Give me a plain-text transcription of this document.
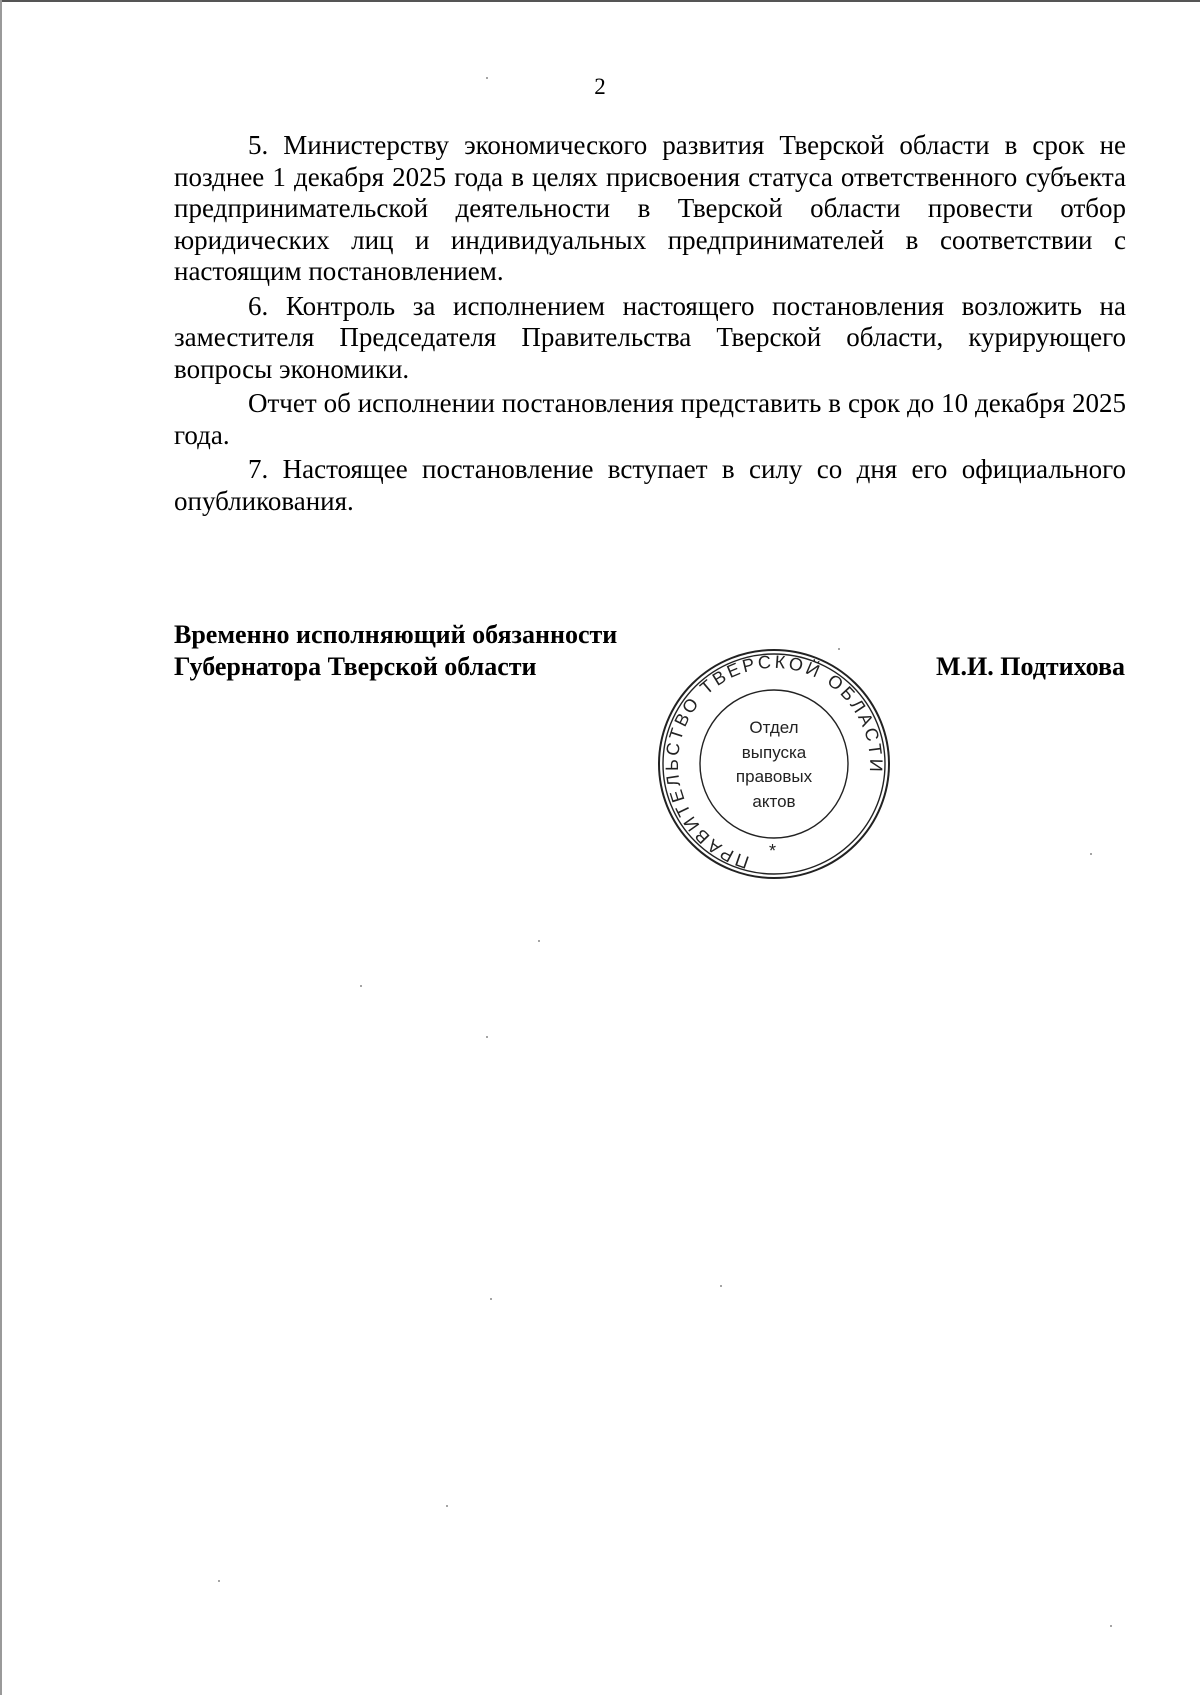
2

5. Министерству экономического развития Тверской области в срок не позднее 1 декабря 2025 года в целях присвоения статуса ответственного субъекта предпринимательской деятельности в Тверской области провести отбор юридических лиц и индивидуальных предпринимателей в соответствии с настоящим постановлением.

6. Контроль за исполнением настоящего постановления возложить на заместителя Председателя Правительства Тверской области, курирующего вопросы экономики.

Отчет об исполнении постановления представить в срок до 10 декабря 2025 года.

7. Настоящее постановление вступает в силу со дня его официального опубликования.

Временно исполняющий обязанности
Губернатора Тверской области	М.И. Подтихова
ПРАВИТЕЛЬСТВО ТВЕРСКОЙ ОБЛАСТИ
*
Отдел
выпуска
правовых
актов
